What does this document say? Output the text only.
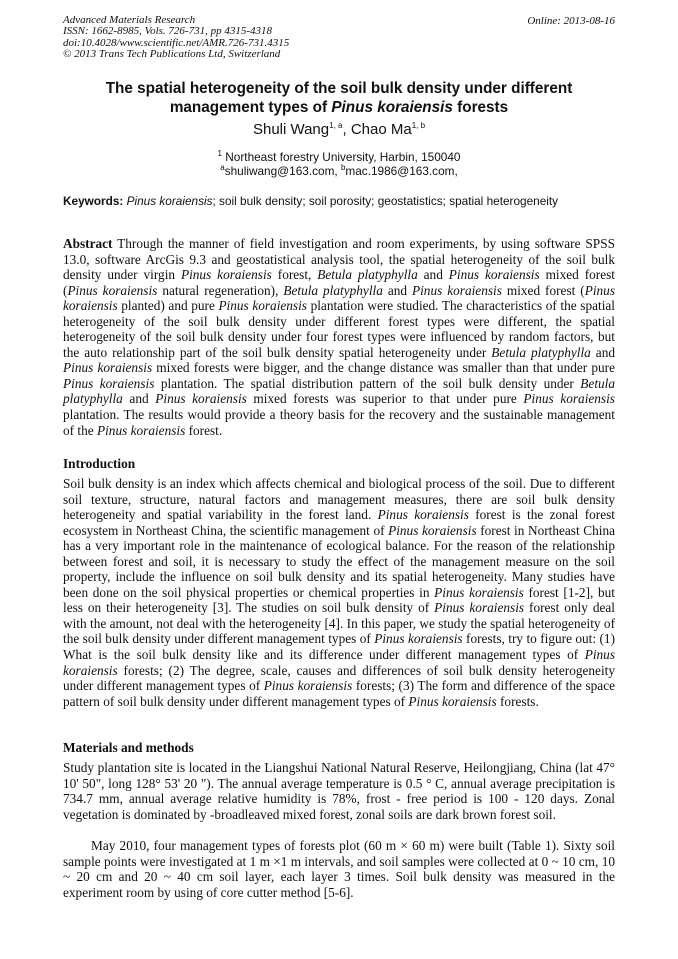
Advanced Materials Research
ISSN: 1662-8985, Vols. 726-731, pp 4315-4318
doi:10.4028/www.scientific.net/AMR.726-731.4315
© 2013 Trans Tech Publications Ltd, Switzerland
Online: 2013-08-16
The spatial heterogeneity of the soil bulk density under different
management types of Pinus koraiensis forests
Shuli Wang$^{1, a}$, Chao Ma$^{1, b}$
$^1$ Northeast forestry University, Harbin, 150040
$^a$shuliwang@163.com, $^b$mac.1986@163.com,
Keywords: Pinus koraiensis; soil bulk density; soil porosity; geostatistics; spatial heterogeneity
Abstract Through the manner of field investigation and room experiments, by using software SPSS 13.0, software ArcGis 9.3 and geostatistical analysis tool, the spatial heterogeneity of the soil bulk density under virgin Pinus koraiensis forest, Betula platyphylla and Pinus koraiensis mixed forest (Pinus koraiensis natural regeneration), Betula platyphylla and Pinus koraiensis mixed forest (Pinus koraiensis planted) and pure Pinus koraiensis plantation were studied. The characteristics of the spatial heterogeneity of the soil bulk density under different forest types were different, the spatial heterogeneity of the soil bulk density under four forest types were influenced by random factors, but the auto relationship part of the soil bulk density spatial heterogeneity under Betula platyphylla and Pinus koraiensis mixed forests were bigger, and the change distance was smaller than that under pure Pinus koraiensis plantation. The spatial distribution pattern of the soil bulk density under Betula platyphylla and Pinus koraiensis mixed forests was superior to that under pure Pinus koraiensis plantation. The results would provide a theory basis for the recovery and the sustainable management of the Pinus koraiensis forest.
Introduction
Soil bulk density is an index which affects chemical and biological process of the soil. Due to different soil texture, structure, natural factors and management measures, there are soil bulk density heterogeneity and spatial variability in the forest land. Pinus koraiensis forest is the zonal forest ecosystem in Northeast China, the scientific management of Pinus koraiensis forest in Northeast China has a very important role in the maintenance of ecological balance. For the reason of the relationship between forest and soil, it is necessary to study the effect of the management measure on the soil property, include the influence on soil bulk density and its spatial heterogeneity. Many studies have been done on the soil physical properties or chemical properties in Pinus koraiensis forest [1-2], but less on their heterogeneity [3]. The studies on soil bulk density of Pinus koraiensis forest only deal with the amount, not deal with the heterogeneity [4]. In this paper, we study the spatial heterogeneity of the soil bulk density under different management types of Pinus koraiensis forests, try to figure out: (1) What is the soil bulk density like and its difference under different management types of Pinus koraiensis forests; (2) The degree, scale, causes and differences of soil bulk density heterogeneity under different management types of Pinus koraiensis forests; (3) The form and difference of the space pattern of soil bulk density under different management types of Pinus koraiensis forests.
Materials and methods
Study plantation site is located in the Liangshui National Natural Reserve, Heilongjiang, China (lat 47° 10' 50", long 128° 53' 20 "). The annual average temperature is 0.5 ° C, annual average precipitation is 734.7 mm, annual average relative humidity is 78%, frost - free period is 100 - 120 days. Zonal vegetation is dominated by -broadleaved mixed forest, zonal soils are dark brown forest soil.
May 2010, four management types of forests plot (60 m × 60 m) were built (Table 1). Sixty soil sample points were investigated at 1 m ×1 m intervals, and soil samples were collected at 0 ~ 10 cm, 10 ~ 20 cm and 20 ~ 40 cm soil layer, each layer 3 times. Soil bulk density was measured in the experiment room by using of core cutter method [5-6].
